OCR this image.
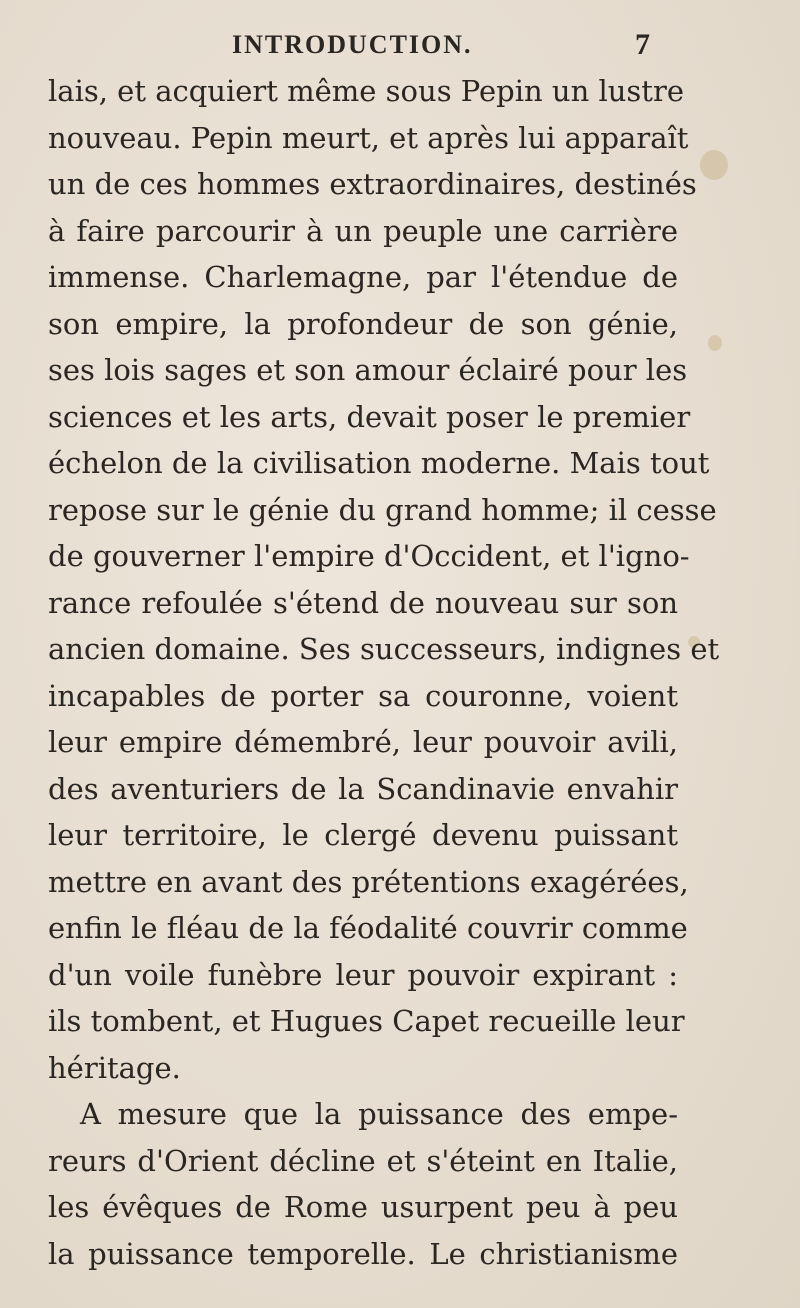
INTRODUCTION.	7
lais, et acquiert même sous Pepin un lustre
nouveau. Pepin meurt, et après lui apparaît
un de ces hommes extraordinaires, destinés
à faire parcourir à un peuple une carrière
immense. Charlemagne, par l'étendue de
son empire, la profondeur de son génie,
ses lois sages et son amour éclairé pour les
sciences et les arts, devait poser le premier
échelon de la civilisation moderne. Mais tout
repose sur le génie du grand homme; il cesse
de gouverner l'empire d'Occident, et l'igno-
rance refoulée s'étend de nouveau sur son
ancien domaine. Ses successeurs, indignes et
incapables de porter sa couronne, voient
leur empire démembré, leur pouvoir avili,
des aventuriers de la Scandinavie envahir
leur territoire, le clergé devenu puissant
mettre en avant des prétentions exagérées,
enfin le fléau de la féodalité couvrir comme
d'un voile funèbre leur pouvoir expirant :
ils tombent, et Hugues Capet recueille leur
héritage.
A mesure que la puissance des empe-
reurs d'Orient décline et s'éteint en Italie,
les évêques de Rome usurpent peu à peu
la puissance temporelle. Le christianisme
